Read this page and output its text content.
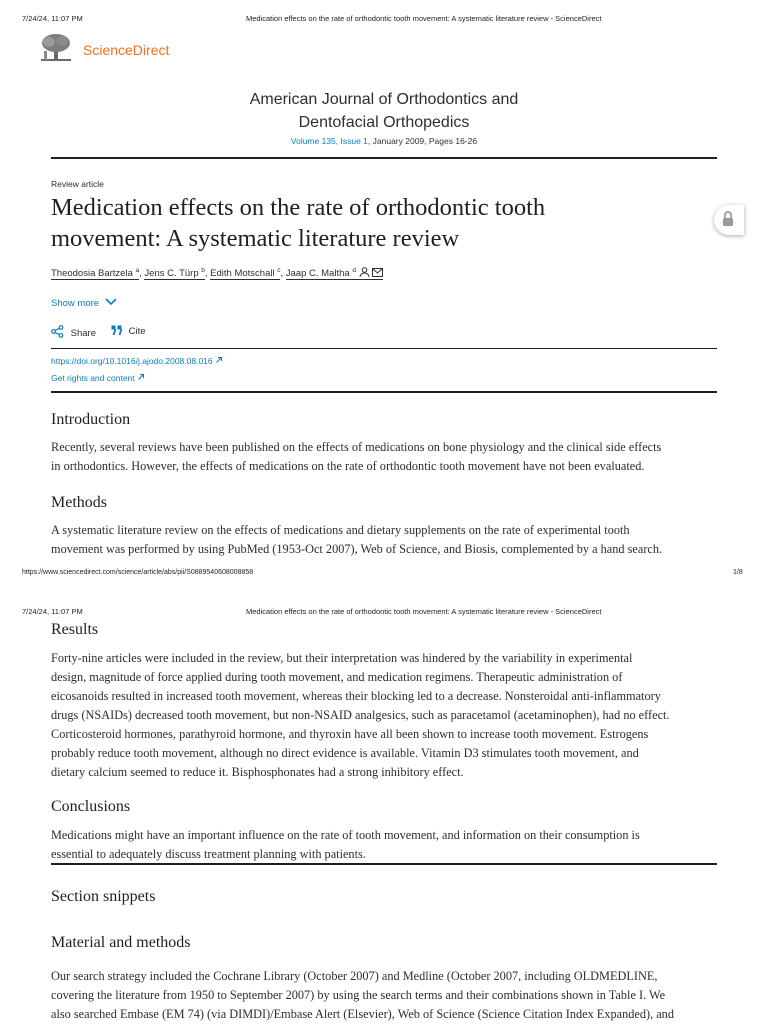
7/24/24, 11:07 PM	Medication effects on the rate of orthodontic tooth movement: A systematic literature review - ScienceDirect
ScienceDirect
American Journal of Orthodontics and
Dentofacial Orthopedics
Volume 135, Issue 1, January 2009, Pages 16-26
Review article
Medication effects on the rate of orthodontic tooth
movement: A systematic literature review
Theodosia Bartzela $^a$, Jens C. Türp $^b$, Edith Motschall $^c$, Jaap C. Maltha $^d$
Show more
Share	Cite
https://doi.org/10.1016/j.ajodo.2008.08.016
Get rights and content
Introduction
Recently, several reviews have been published on the effects of medications on bone physiology and the clinical side effects
in orthodontics. However, the effects of medications on the rate of orthodontic tooth movement have not been evaluated.
Methods
A systematic literature review on the effects of medications and dietary supplements on the rate of experimental tooth
movement was performed by using PubMed (1953-Oct 2007), Web of Science, and Biosis, complemented by a hand search.
https://www.sciencedirect.com/science/article/abs/pii/S0889540608008858	1/8
7/24/24, 11:07 PM	Medication effects on the rate of orthodontic tooth movement: A systematic literature review - ScienceDirect
Results
Forty-nine articles were included in the review, but their interpretation was hindered by the variability in experimental
design, magnitude of force applied during tooth movement, and medication regimens. Therapeutic administration of
eicosanoids resulted in increased tooth movement, whereas their blocking led to a decrease. Nonsteroidal anti-inflammatory
drugs (NSAIDs) decreased tooth movement, but non-NSAID analgesics, such as paracetamol (acetaminophen), had no effect.
Corticosteroid hormones, parathyroid hormone, and thyroxin have all been shown to increase tooth movement. Estrogens
probably reduce tooth movement, although no direct evidence is available. Vitamin D3 stimulates tooth movement, and
dietary calcium seemed to reduce it. Bisphosphonates had a strong inhibitory effect.
Conclusions
Medications might have an important influence on the rate of tooth movement, and information on their consumption is
essential to adequately discuss treatment planning with patients.
Section snippets
Material and methods
Our search strategy included the Cochrane Library (October 2007) and Medline (October 2007, including OLDMEDLINE,
covering the literature from 1950 to September 2007) by using the search terms and their combinations shown in Table I. We
also searched Embase (EM 74) (via DIMDI)/Embase Alert (Elsevier), Web of Science (Science Citation Index Expanded), and
